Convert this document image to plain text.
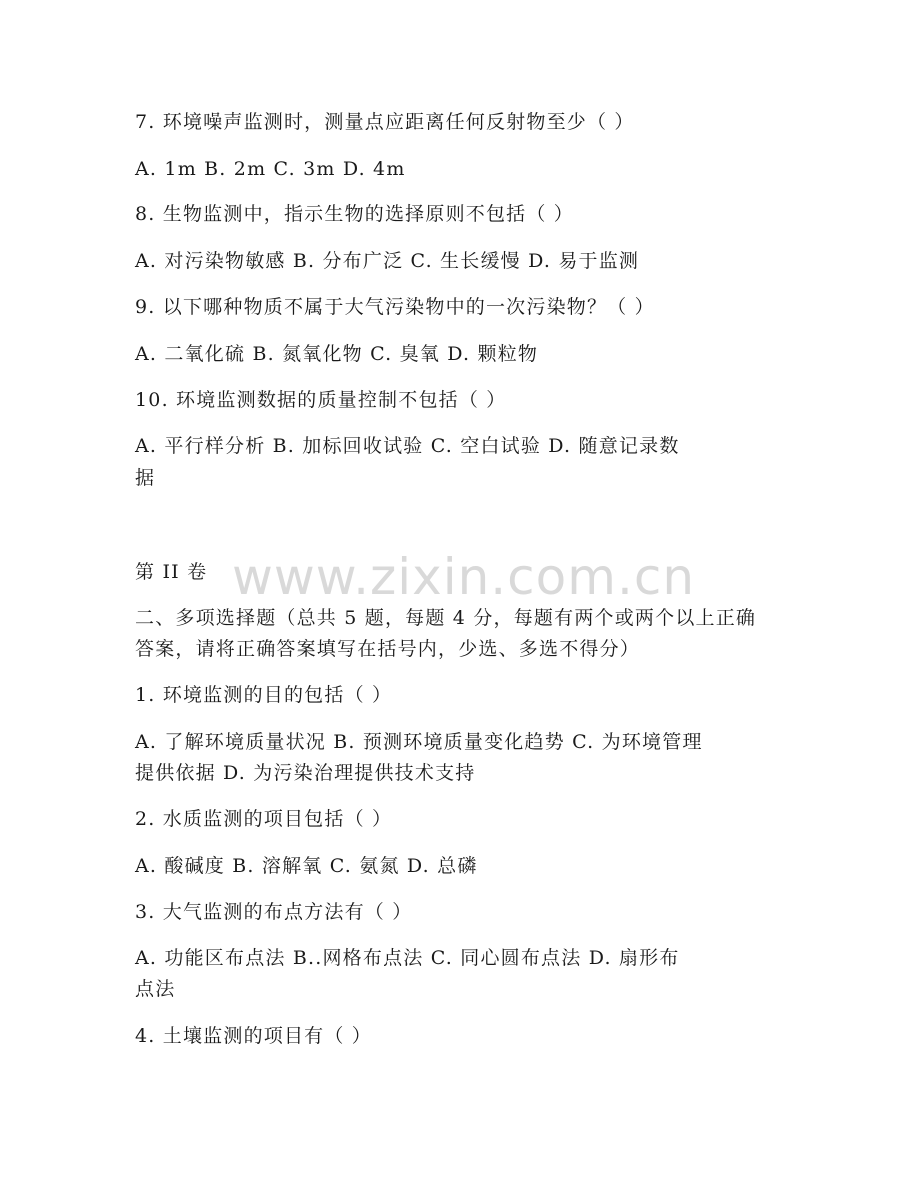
7. 环境噪声监测时，测量点应距离任何反射物至少（ ）
A. 1m B. 2m C. 3m D. 4m
8. 生物监测中，指示生物的选择原则不包括（ ）
A. 对污染物敏感 B. 分布广泛 C. 生长缓慢 D. 易于监测
9. 以下哪种物质不属于大气污染物中的一次污染物？（ ）
A. 二氧化硫 B. 氮氧化物 C. 臭氧 D. 颗粒物
10. 环境监测数据的质量控制不包括（ ）
A. 平行样分析 B. 加标回收试验 C. 空白试验 D. 随意记录数
据
www.zixin.com.cn
第 II 卷
二、多项选择题（总共 5 题，每题 4 分，每题有两个或两个以上正确
答案，请将正确答案填写在括号内，少选、多选不得分）
1. 环境监测的目的包括（ ）
A. 了解环境质量状况 B. 预测环境质量变化趋势 C. 为环境管理
提供依据 D. 为污染治理提供技术支持
2. 水质监测的项目包括（ ）
A. 酸碱度 B. 溶解氧 C. 氨氮 D. 总磷
3. 大气监测的布点方法有（ ）
A. 功能区布点法 B..网格布点法 C. 同心圆布点法 D. 扇形布
点法
4. 土壤监测的项目有（ ）
